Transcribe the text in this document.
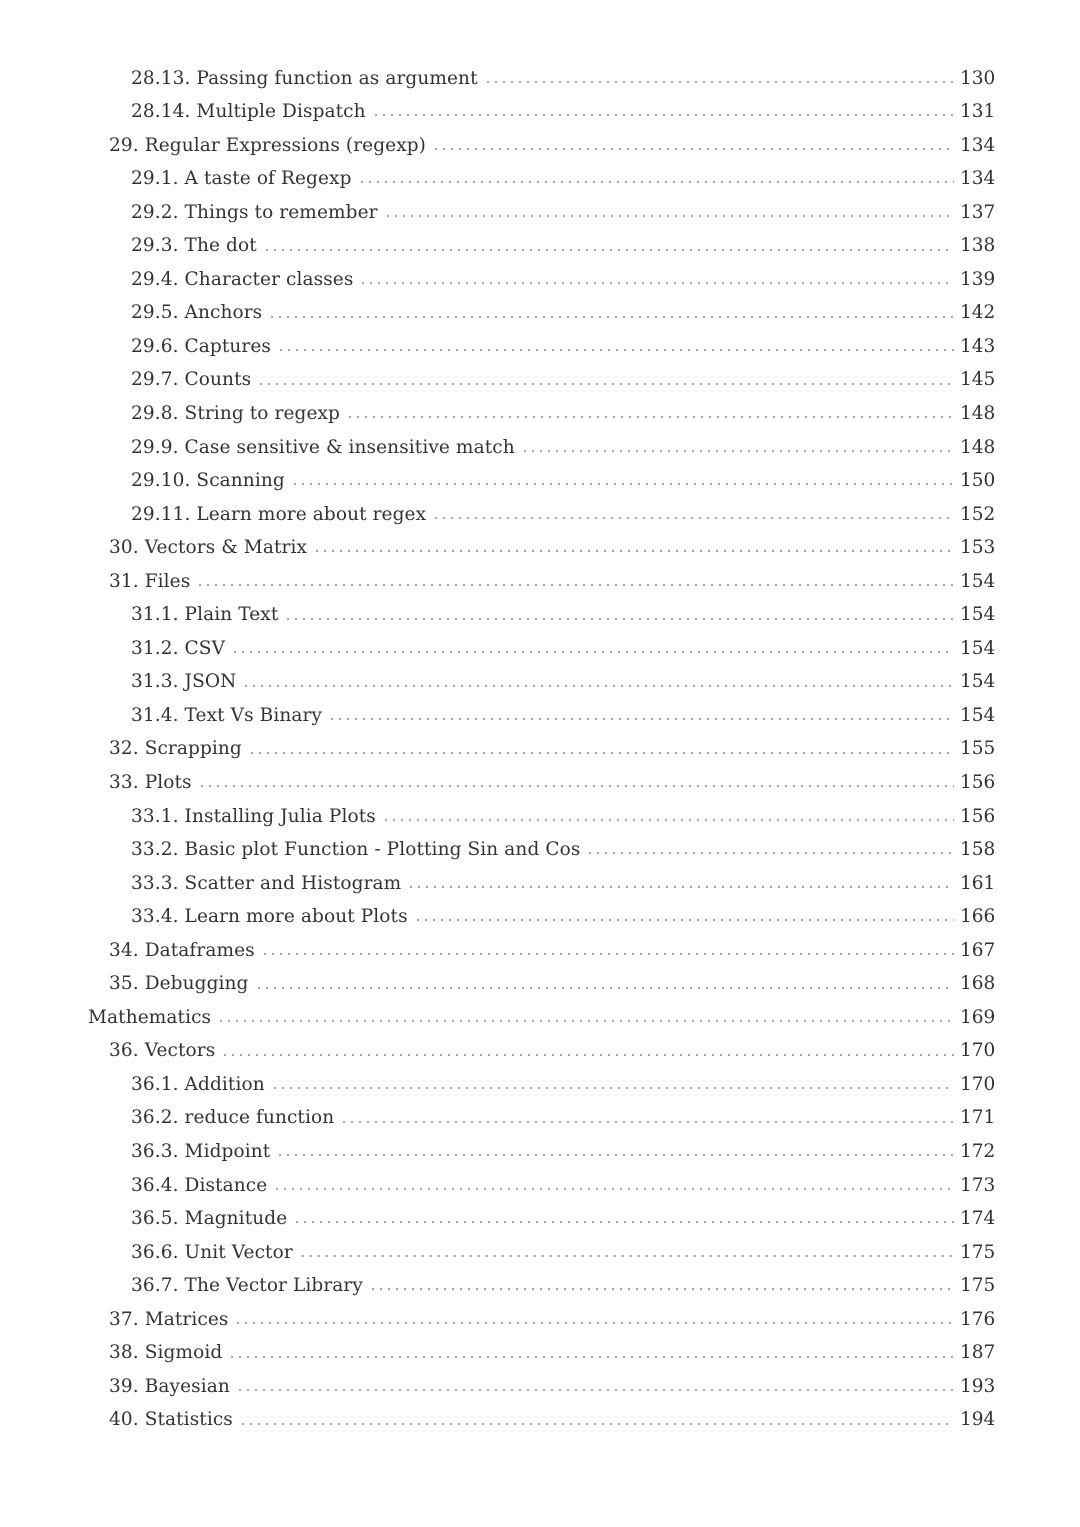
28.13. Passing function as argument	130
28.14. Multiple Dispatch	131
29. Regular Expressions (regexp)	134
29.1. A taste of Regexp	134
29.2. Things to remember	137
29.3. The dot	138
29.4. Character classes	139
29.5. Anchors	142
29.6. Captures	143
29.7. Counts	145
29.8. String to regexp	148
29.9. Case sensitive & insensitive match	148
29.10. Scanning	150
29.11. Learn more about regex	152
30. Vectors & Matrix	153
31. Files	154
31.1. Plain Text	154
31.2. CSV	154
31.3. JSON	154
31.4. Text Vs Binary	154
32. Scrapping	155
33. Plots	156
33.1. Installing Julia Plots	156
33.2. Basic plot Function - Plotting Sin and Cos	158
33.3. Scatter and Histogram	161
33.4. Learn more about Plots	166
34. Dataframes	167
35. Debugging	168
Mathematics	169
36. Vectors	170
36.1. Addition	170
36.2. reduce function	171
36.3. Midpoint	172
36.4. Distance	173
36.5. Magnitude	174
36.6. Unit Vector	175
36.7. The Vector Library	175
37. Matrices	176
38. Sigmoid	187
39. Bayesian	193
40. Statistics	194
